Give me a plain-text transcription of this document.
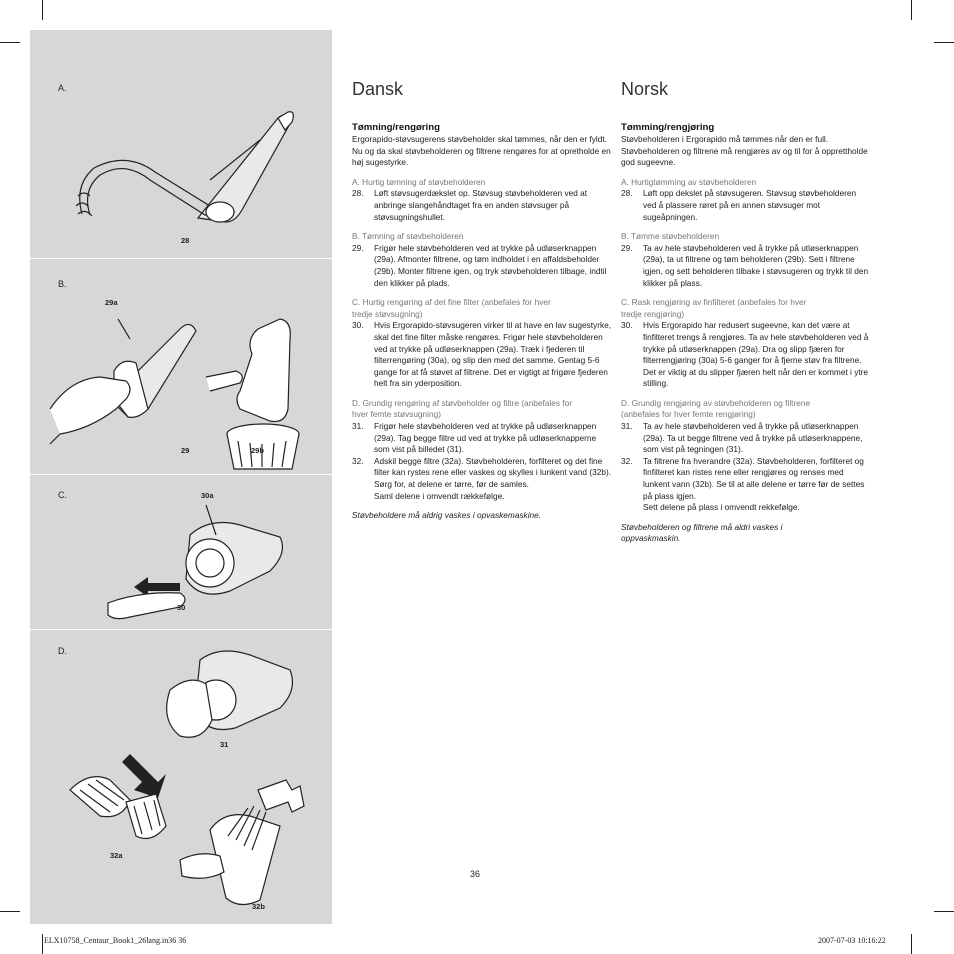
A.
28
B.
29a
29	29b
C.	30a
30
D.
31
32a
32b
Dansk
Tømning/rengøring

Ergorapido-støvsugerens støvbeholder skal tømmes, når den er fyldt. Nu og da skal støvbeholderen og filtrene rengøres for at opretholde en høj sugestyrke.

A. Hurtig tømning af støvbeholderen
28.	Løft støvsugerdækslet op. Støvsug støvbeholderen ved at anbringe slangehåndtaget fra en anden støvsuger på støvsugningshullet.
B. Tømning af støvbeholderen
29.	Frigør hele støvbeholderen ved at trykke på udløserknappen (29a). Afmonter filtrene, og tøm indholdet i en affaldsbeholder (29b). Monter filtrene igen, og tryk støvbeholderen tilbage, indtil den klikker på plads.
C. Hurtig rengøring af det fine filter (anbefales for hver tredje støvsugning)
30.	Hvis Ergorapido-støvsugeren virker til at have en lav sugestyrke, skal det fine filter måske rengøres. Frigør hele støvbeholderen ved at trykke på udløserknappen (29a). Træk i fjederen til filterrengøring (30a), og slip den med det samme. Gentag 5-6 gange for at få støvet af filtrene. Det er vigtigt at frigøre fjederen helt fra sin yderposition.
D. Grundig rengøring af støvbeholder og filtre (anbefales for hver femte støvsugning)
31.	Frigør hele støvbeholderen ved at trykke på udløserknappen (29a). Tag begge filtre ud ved at trykke på udløserknapperne som vist på billedet (31).
32.	Adskil begge filtre (32a). Støvbeholderen, forfilteret og det fine filter kan rystes rene eller vaskes og skylles i lunkent vand (32b). Sørg for, at delene er tørre, før de samles.
Saml delene i omvendt rækkefølge.
Støvbeholdere må aldrig vaskes i opvaskemaskine.
Norsk
Tømming/rengjøring

Støvbeholderen i Ergorapido må tømmes når den er full. Støvbeholderen og filtrene må rengjøres av og til for å opprettholde god sugeevne.

A. Hurtigtømming av støvbeholderen
28.	Løft opp dekslet på støvsugeren. Støvsug støvbeholderen ved å plassere røret på en annen støvsuger mot sugeåpningen.
B. Tømme støvbeholderen
29.	Ta av hele støvbeholderen ved å trykke på utløserknappen (29a), ta ut filtrene og tøm beholderen (29b). Sett i filtrene igjen, og sett beholderen tilbake i støvsugeren og trykk til den klikker på plass.
C. Rask rengjøring av finfilteret (anbefales for hver tredje rengjøring)
30.	Hvis Ergorapido har redusert sugeevne, kan det være at finfilteret trengs å rengjøres. Ta av hele støvbeholderen ved å trykke på utløserknappen (29a). Dra og slipp fjæren for filterrengjøring (30a) 5-6 ganger for å fjerne støv fra filtrene. Det er viktig at du slipper fjæren helt når den er kommet i ytre stilling.
D. Grundig rengjøring av støvbeholderen og filtrene (anbefales for hver femte rengjøring)
31.	Ta av hele støvbeholderen ved å trykke på utløserknappen (29a). Ta ut begge filtrene ved å trykke på utløserknappene, som vist på tegningen (31).
32.	Ta filtrene fra hverandre (32a). Støvbeholderen, forfilteret og finfilteret kan ristes rene eller rengjøres og renses med lunkent vann (32b). Se til at alle delene er tørre før de settes på plass igjen.
Sett delene på plass i omvendt rekkefølge.
Støvbeholderen og filtrene må aldri vaskes i oppvaskmaskin.
36
ELX10758_Centaur_Book1_26lang.in36 36	2007-07-03 10:16:22
